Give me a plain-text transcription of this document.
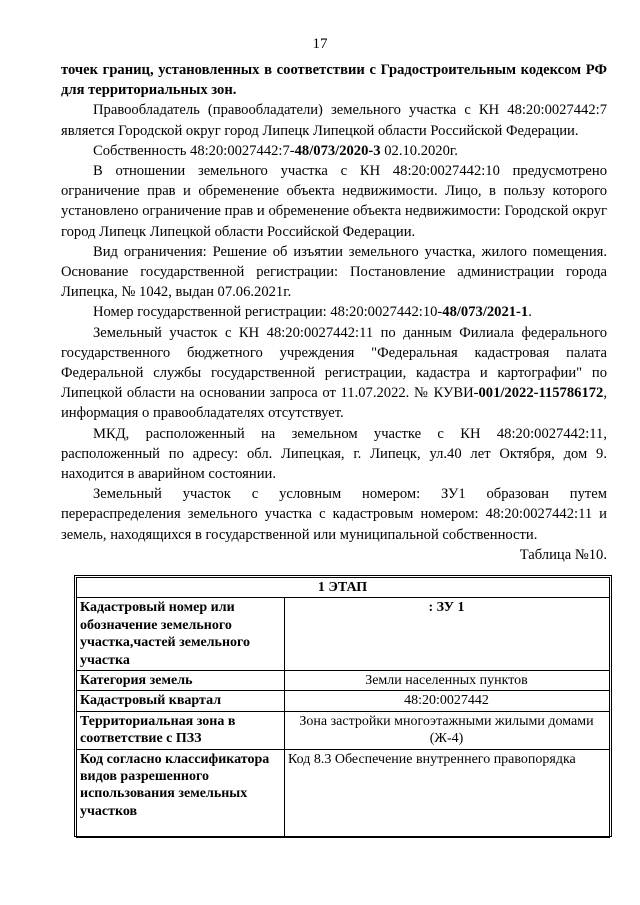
17

точек границ, установленных в соответствии с Градостроительным кодексом РФ для территориальных зон.

Правообладатель (правообладатели) земельного участка с КН 48:20:0027442:7 является Городской округ город Липецк Липецкой области Российской Федерации.

Собственность 48:20:0027442:7-48/073/2020-3 02.10.2020г.

В отношении земельного участка с КН 48:20:0027442:10 предусмотрено ограничение прав и обременение объекта недвижимости. Лицо, в пользу которого установлено ограничение прав и обременение объекта недвижимости: Городской округ город Липецк Липецкой области Российской Федерации.

Вид ограничения: Решение об изъятии земельного участка, жилого помещения. Основание государственной регистрации: Постановление администрации города Липецка, № 1042, выдан 07.06.2021г.

Номер государственной регистрации: 48:20:0027442:10-48/073/2021-1.

Земельный участок с КН 48:20:0027442:11 по данным Филиала федерального государственного бюджетного учреждения "Федеральная кадастровая палата Федеральной службы государственной регистрации, кадастра и картографии" по Липецкой области на основании запроса от 11.07.2022. № КУВИ-001/2022-115786172, информация о правообладателях отсутствует.

МКД, расположенный на земельном участке с КН 48:20:0027442:11, расположенный по адресу: обл. Липецкая, г. Липецк, ул.40 лет Октября, дом 9. находится в аварийном состоянии.

Земельный участок с условным номером: ЗУ1 образован путем перераспределения земельного участка с кадастровым номером: 48:20:0027442:11 и земель, находящихся в государственной или муниципальной собственности.

Таблица №10.

1 ЭТАП	
Кадастровый номер или обозначение земельного участка,частей земельного участка	: ЗУ 1
Категория земель	Земли населенных пунктов
Кадастровый квартал	48:20:0027442
Территориальная зона в соответствие с ПЗЗ	Зона застройки многоэтажными жилыми домами (Ж-4)
Код согласно классификатора видов разрешенного использования земельных участков	Код 8.3 Обеспечение внутреннего правопорядка
